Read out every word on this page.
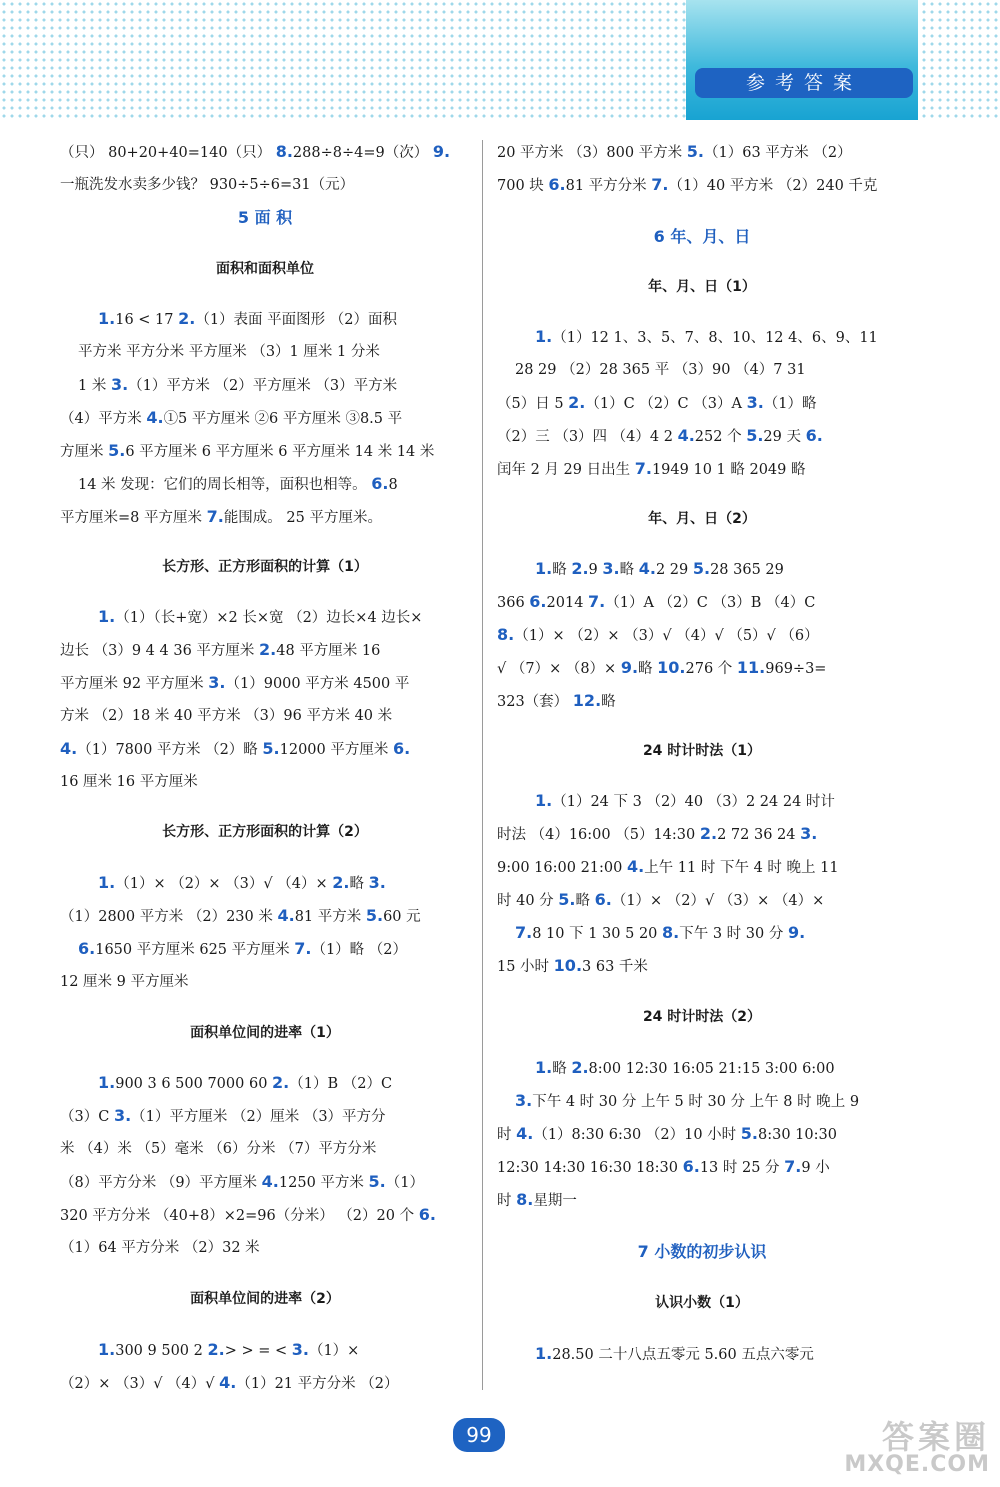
参考答案
（只） 80+20+40=140（只） 8.288÷8÷4=9（次） 9.
一瓶洗发水卖多少钱？ 930÷5÷6=31（元）
5 面 积
面积和面积单位
1.16 < 17 2.（1）表面 平面图形 （2）面积
平方米 平方分米 平方厘米 （3）1 厘米 1 分米
1 米 3.（1）平方米 （2）平方厘米 （3）平方米
（4）平方米 4.①5 平方厘米 ②6 平方厘米 ③8.5 平
方厘米 5.6 平方厘米 6 平方厘米 6 平方厘米 14 米 14 米
14 米 发现：它们的周长相等，面积也相等。 6.8
平方厘米=8 平方厘米 7.能围成。 25 平方厘米。
长方形、正方形面积的计算（1）
1.（1）（长+宽）×2 长×宽 （2）边长×4 边长×
边长 （3）9 4 4 36 平方厘米 2.48 平方厘米 16
平方厘米 92 平方厘米 3.（1）9000 平方米 4500 平
方米 （2）18 米 40 平方米 （3）96 平方米 40 米
4.（1）7800 平方米 （2）略 5.12000 平方厘米 6.
16 厘米 16 平方厘米
长方形、正方形面积的计算（2）
1.（1）× （2）× （3）√ （4）× 2.略 3.
（1）2800 平方米 （2）230 米 4.81 平方米 5.60 元
6.1650 平方厘米 625 平方厘米 7.（1）略 （2）
12 厘米 9 平方厘米
面积单位间的进率（1）
1.900 3 6 500 7000 60 2.（1）B （2）C
（3）C 3.（1）平方厘米 （2）厘米 （3）平方分
米 （4）米 （5）毫米 （6）分米 （7）平方分米
（8）平方分米 （9）平方厘米 4.1250 平方米 5.（1）
320 平方分米 （40+8）×2=96（分米） （2）20 个 6.
（1）64 平方分米 （2）32 米
面积单位间的进率（2）
1.300 9 500 2 2.> > = < 3.（1）×
（2）× （3）√ （4）√ 4.（1）21 平方分米 （2）
20 平方米 （3）800 平方米 5.（1）63 平方米 （2）
700 块 6.81 平方分米 7.（1）40 平方米 （2）240 千克
6 年、月、日
年、月、日（1）
1.（1）12 1、3、5、7、8、10、12 4、6、9、11
28 29 （2）28 365 平 （3）90 （4）7 31
（5）日 5 2.（1）C （2）C （3）A 3.（1）略
（2）三 （3）四 （4）4 2 4.252 个 5.29 天 6.
闰年 2 月 29 日出生 7.1949 10 1 略 2049 略
年、月、日（2）
1.略 2.9 3.略 4.2 29 5.28 365 29
366 6.2014 7.（1）A （2）C （3）B （4）C
8.（1）× （2）× （3）√ （4）√ （5）√ （6）
√ （7）× （8）× 9.略 10.276 个 11.969÷3=
323（套） 12.略
24 时计时法（1）
1.（1）24 下 3 （2）40 （3）2 24 24 时计
时法 （4）16:00 （5）14:30 2.2 72 36 24 3.
9:00 16:00 21:00 4.上午 11 时 下午 4 时 晚上 11
时 40 分 5.略 6.（1）× （2）√ （3）× （4）×
7.8 10 下 1 30 5 20 8.下午 3 时 30 分 9.
15 小时 10.3 63 千米
24 时计时法（2）
1.略 2.8:00 12:30 16:05 21:15 3:00 6:00
3.下午 4 时 30 分 上午 5 时 30 分 上午 8 时 晚上 9
时 4.（1）8:30 6:30 （2）10 小时 5.8:30 10:30
12:30 14:30 16:30 18:30 6.13 时 25 分 7.9 小
时 8.星期一
7 小数的初步认识
认识小数（1）
1.28.50 二十八点五零元 5.60 五点六零元
99	答案圈
MXQE.COM
